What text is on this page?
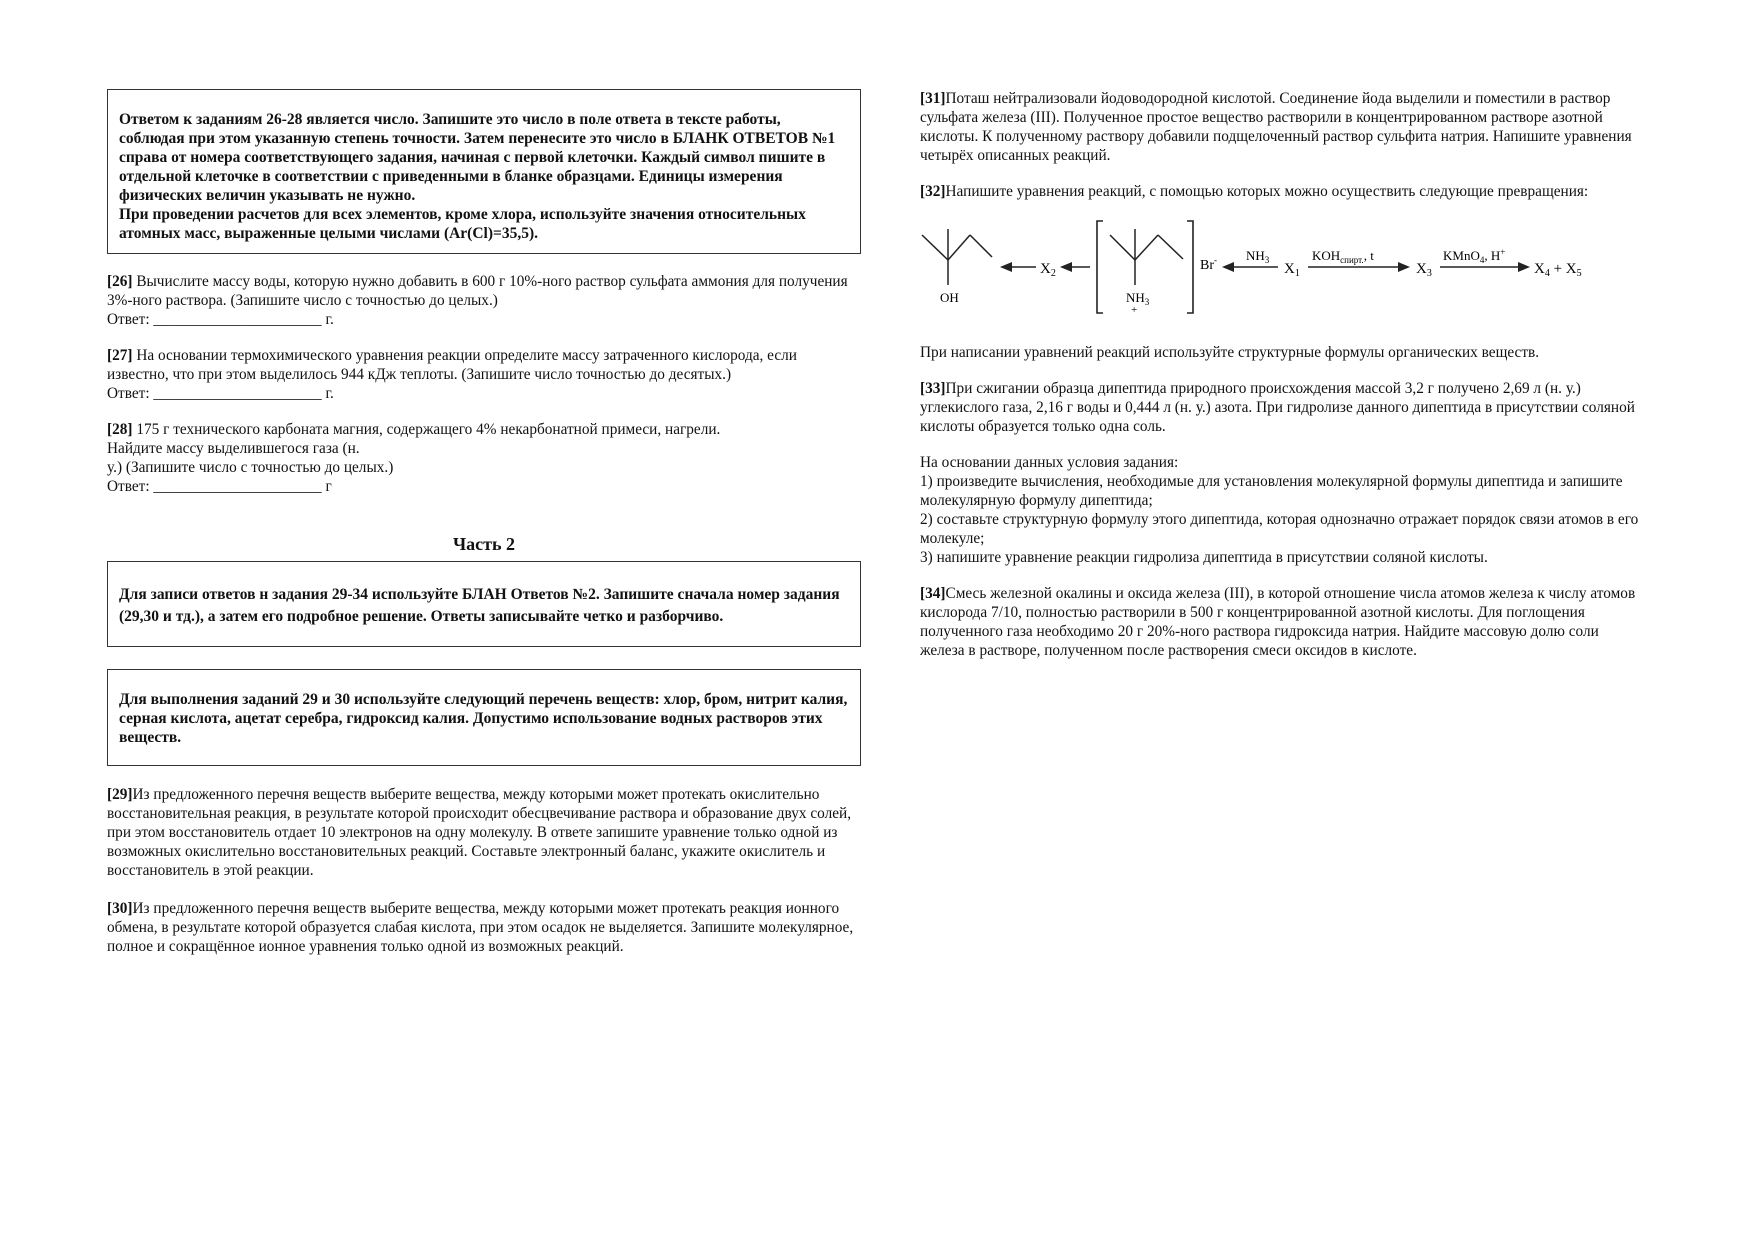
Ответом к заданиям 26-28 является число. Запишите это число в поле ответа в тексте работы, соблюдая при этом указанную степень точности. Затем перенесите это число в БЛАНК ОТВЕТОВ №1 справа от номера соответствующего задания, начиная с первой клеточки. Каждый символ пишите в отдельной клеточке в соответствии с приведенными в бланке образцами. Единицы измерения физических величин указывать не нужно.
При проведении расчетов для всех элементов, кроме хлора, используйте значения относительных атомных масс, выраженные целыми числами (Ar(Cl)=35,5).
[26] Вычислите массу воды, которую нужно добавить в 600 г 10%-ного раствор сульфата аммония для получения 3%-ного раствора. (Запишите число с точностью до целых.)
Ответ: ______________________ г.
[27] На основании термохимического уравнения реакции определите массу затраченного кислорода, если известно, что при этом выделилось 944 кДж теплоты. (Запишите число точностью до десятых.)
Ответ: ______________________ г.
[28] 175 г технического карбоната магния, содержащего 4% некарбонатной примеси, нагрели.
Найдите массу выделившегося газа (н.
у.) (Запишите число с точностью до целых.)
Ответ: ______________________ г
Часть 2
Для записи ответов н задания 29-34 используйте БЛАН Ответов №2. Запишите сначала номер задания (29,30 и тд.), а затем его подробное решение. Ответы записывайте четко и разборчиво.
Для выполнения заданий 29 и 30 используйте следующий перечень веществ: хлор, бром, нитрит калия, серная кислота, ацетат серебра, гидроксид калия. Допустимо использование водных растворов этих веществ.
[29]Из предложенного перечня веществ выберите вещества, между которыми может протекать окислительно восстановительная реакция, в результате которой происходит обесцвечивание раствора и образование двух солей, при этом восстановитель отдает 10 электронов на одну молекулу. В ответе запишите уравнение только одной из возможных окислительно восстановительных реакций. Составьте электронный баланс, укажите окислитель и восстановитель в этой реакции.
[30]Из предложенного перечня веществ выберите вещества, между которыми может протекать реакция ионного обмена, в результате которой образуется слабая кислота, при этом осадок не выделяется. Запишите молекулярное, полное и сокращённое ионное уравнения только одной из возможных реакций.
[31]Поташ нейтрализовали йодоводородной кислотой. Соединение йода выделили и поместили в раствор сульфата железа (III). Полученное простое вещество растворили в концентрированном растворе азотной кислоты. К полученному раствору добавили подщелоченный раствор сульфита натрия. Напишите уравнения четырёх описанных реакций.
[32]Напишите уравнения реакций, с помощью которых можно осуществить следующие превращения:
OH
$X_2$
$NH_3$
+
Br- $NH_3$
$X_1$
$KOH_{спирт.}$, t
$X_3$
KMnO$_4$, H+
$X_4 + X_5$
При написании уравнений реакций используйте структурные формулы органических веществ.
[33]При сжигании образца дипептида природного происхождения массой 3,2 г получено 2,69 л (н. у.) углекислого газа, 2,16 г воды и 0,444 л (н. у.) азота. При гидролизе данного дипептида в присутствии соляной кислоты образуется только одна соль.
На основании данных условия задания:
1) произведите вычисления, необходимые для установления молекулярной формулы дипептида и запишите молекулярную формулу дипептида;
2) составьте структурную формулу этого дипептида, которая однозначно отражает порядок связи атомов в его молекуле;
3) напишите уравнение реакции гидролиза дипептида в присутствии соляной кислоты.
[34]Смесь железной окалины и оксида железа (III), в которой отношение числа атомов железа к числу атомов кислорода 7/10, полностью растворили в 500 г концентрированной азотной кислоты. Для поглощения полученного газа необходимо 20 г 20%-ного раствора гидроксида натрия. Найдите массовую долю соли железа в растворе, полученном после растворения смеси оксидов в кислоте.
